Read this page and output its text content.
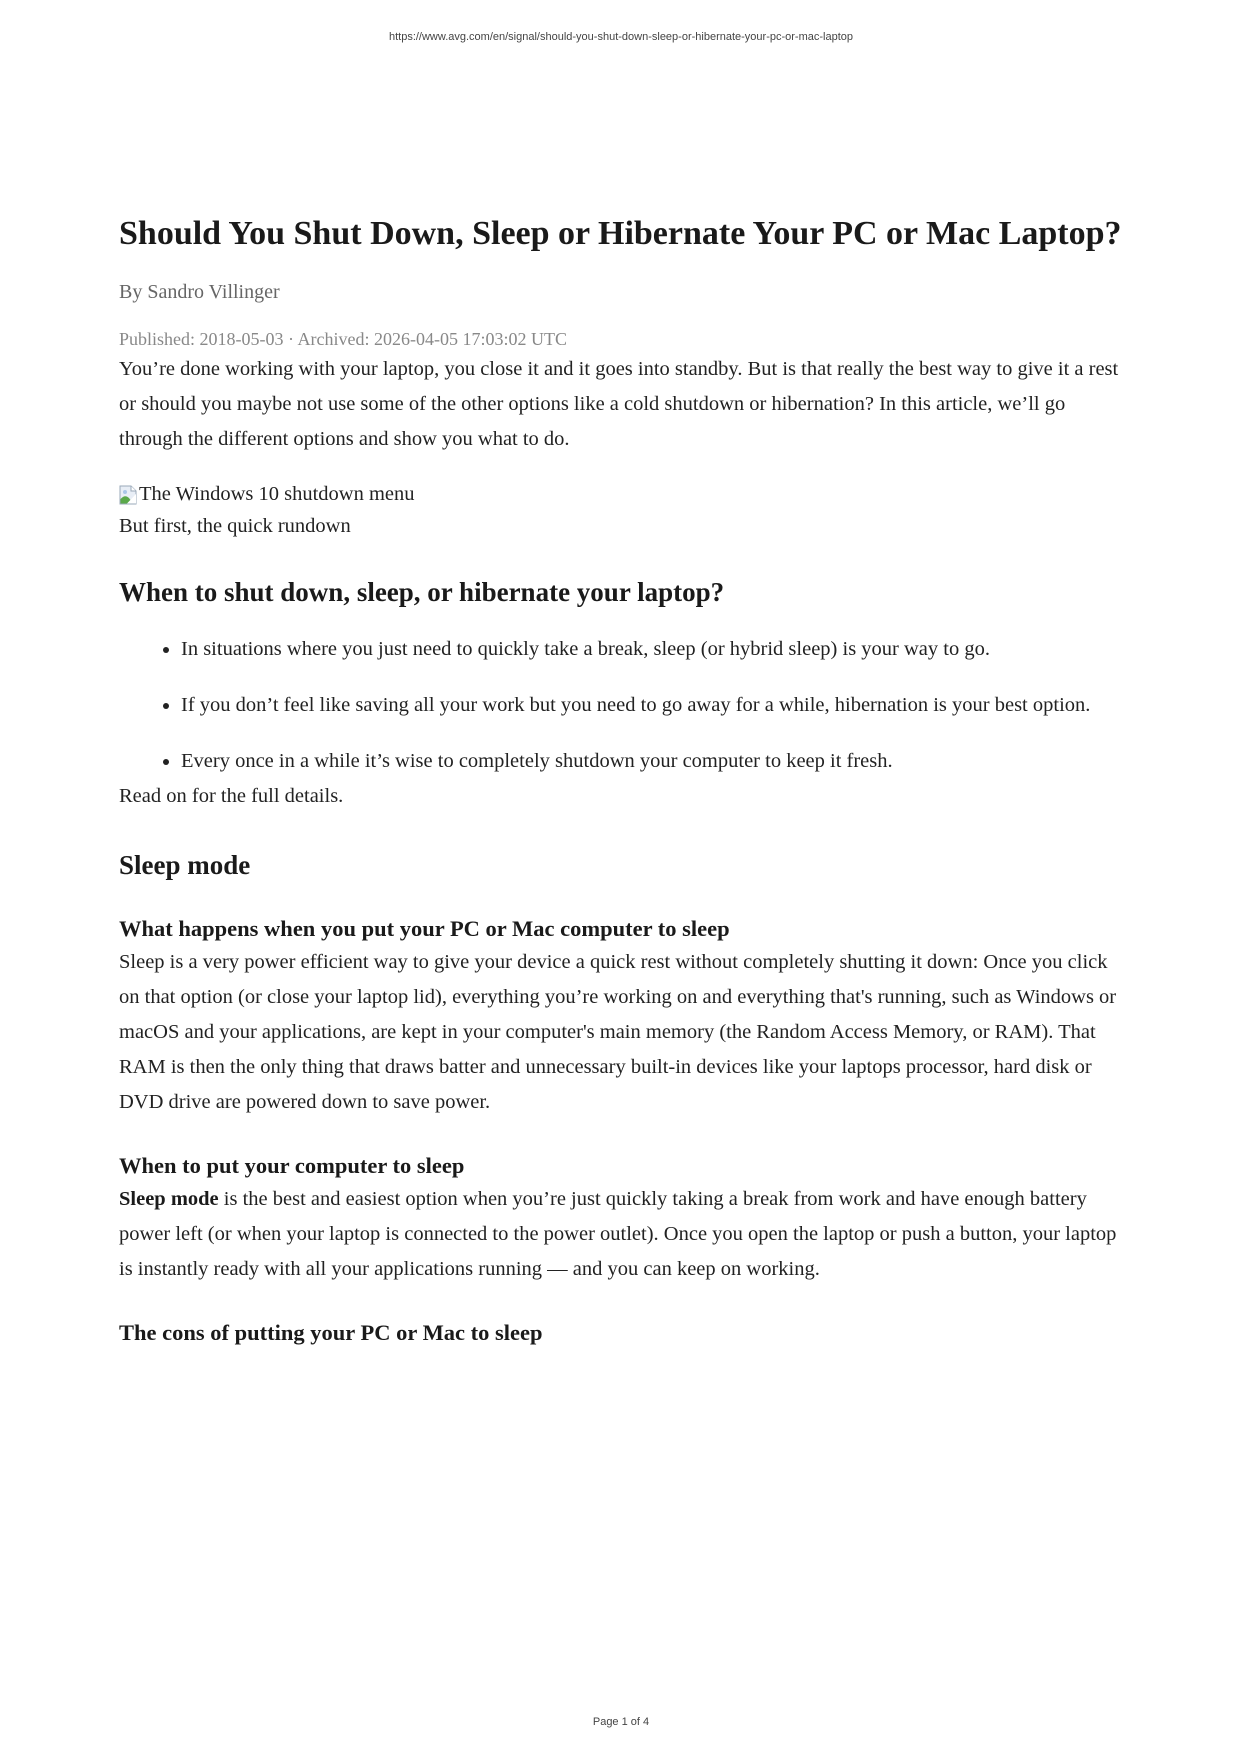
https://www.avg.com/en/signal/should-you-shut-down-sleep-or-hibernate-your-pc-or-mac-laptop
Should You Shut Down, Sleep or Hibernate Your PC or Mac Laptop?
By Sandro Villinger
Published: 2018-05-03 · Archived: 2026-04-05 17:03:02 UTC

You’re done working with your laptop, you close it and it goes into standby. But is that really the best way to give it a rest or should you maybe not use some of the other options like a cold shutdown or hibernation? In this article, we’ll go through the different options and show you what to do.

The Windows 10 shutdown menu

But first, the quick rundown

When to shut down, sleep, or hibernate your laptop?
• In situations where you just need to quickly take a break, sleep (or hybrid sleep) is your way to go.
• If you don’t feel like saving all your work but you need to go away for a while, hibernation is your best option.
• Every once in a while it’s wise to completely shutdown your computer to keep it fresh.

Read on for the full details.

Sleep mode
What happens when you put your PC or Mac computer to sleep

Sleep is a very power efficient way to give your device a quick rest without completely shutting it down: Once you click on that option (or close your laptop lid), everything you’re working on and everything that's running, such as Windows or macOS and your applications, are kept in your computer's main memory (the Random Access Memory, or RAM). That RAM is then the only thing that draws batter and unnecessary built-in devices like your laptops processor, hard disk or DVD drive are powered down to save power.

When to put your computer to sleep

Sleep mode is the best and easiest option when you’re just quickly taking a break from work and have enough battery power left (or when your laptop is connected to the power outlet). Once you open the laptop or push a button, your laptop is instantly ready with all your applications running — and you can keep on working.

The cons of putting your PC or Mac to sleep
Page 1 of 4
